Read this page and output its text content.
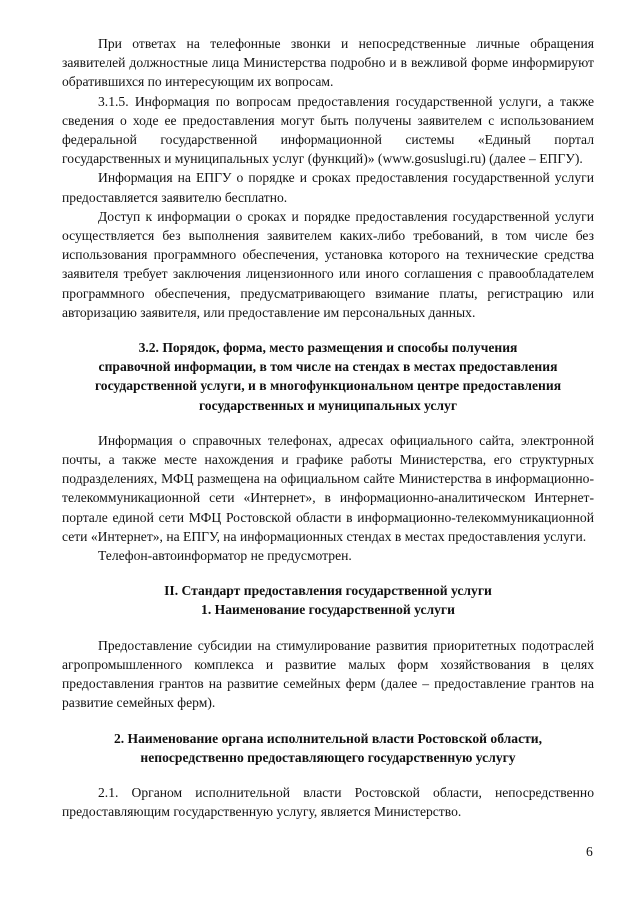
При ответах на телефонные звонки и непосредственные личные обращения заявителей должностные лица Министерства подробно и в вежливой форме информируют обратившихся по интересующим их вопросам.

3.1.5. Информация по вопросам предоставления государственной услуги, а также сведения о ходе ее предоставления могут быть получены заявителем с использованием федеральной государственной информационной системы «Единый портал государственных и муниципальных услуг (функций)» (www.gosuslugi.ru) (далее – ЕПГУ).

Информация на ЕПГУ о порядке и сроках предоставления государственной услуги предоставляется заявителю бесплатно.

Доступ к информации о сроках и порядке предоставления государственной услуги осуществляется без выполнения заявителем каких-либо требований, в том числе без использования программного обеспечения, установка которого на технические средства заявителя требует заключения лицензионного или иного соглашения с правообладателем программного обеспечения, предусматривающего взимание платы, регистрацию или авторизацию заявителя, или предоставление им персональных данных.

3.2. Порядок, форма, место размещения и способы получения
справочной информации, в том числе на стендах в местах предоставления
государственной услуги, и в многофункциональном центре предоставления
государственных и муниципальных услуг

Информация о справочных телефонах, адресах официального сайта, электронной почты, а также месте нахождения и графике работы Министерства, его структурных подразделениях, МФЦ размещена на официальном сайте Министерства в информационно-телекоммуникационной сети «Интернет», в информационно-аналитическом Интернет-портале единой сети МФЦ Ростовской области в информационно-телекоммуникационной сети «Интернет», на ЕПГУ, на информационных стендах в местах предоставления услуги.

Телефон-автоинформатор не предусмотрен.

II. Стандарт предоставления государственной услуги
1. Наименование государственной услуги

Предоставление субсидии на стимулирование развития приоритетных подотраслей агропромышленного комплекса и развитие малых форм хозяйствования в целях предоставления грантов на развитие семейных ферм (далее – предоставление грантов на развитие семейных ферм).

2. Наименование органа исполнительной власти Ростовской области,
непосредственно предоставляющего государственную услугу

2.1. Органом исполнительной власти Ростовской области, непосредственно предоставляющим государственную услугу, является Министерство.

6
